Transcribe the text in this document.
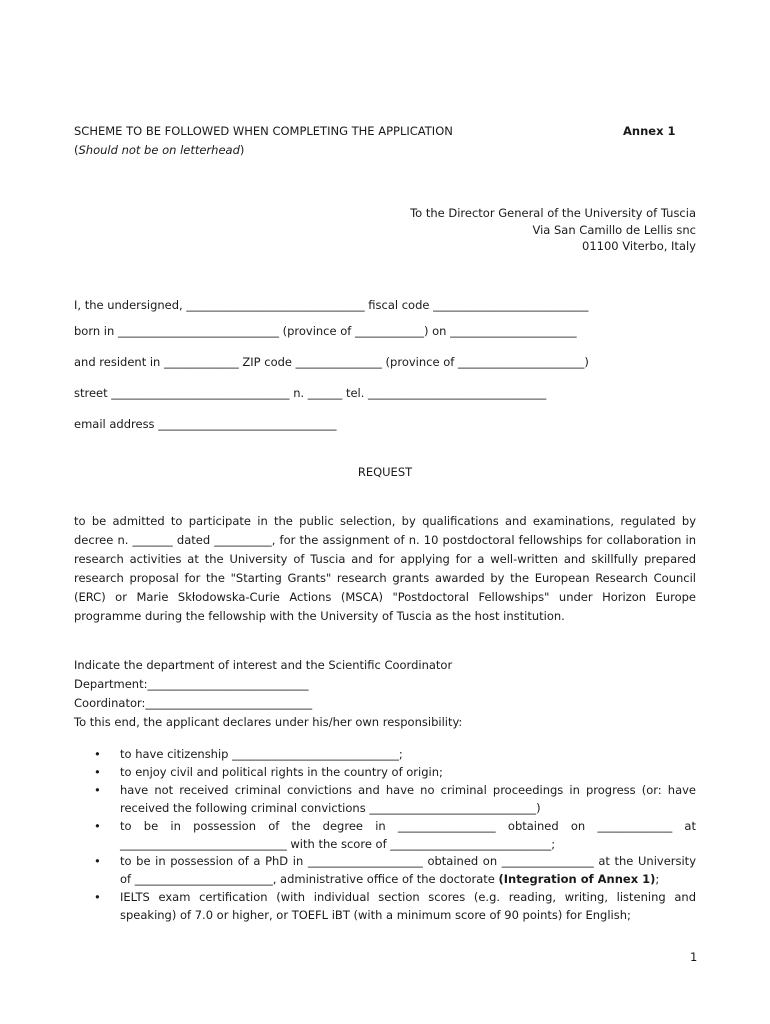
SCHEME TO BE FOLLOWED WHEN COMPLETING THE APPLICATION	Annex 1
(Should not be on letterhead)
To the Director General of the University of Tuscia
Via San Camillo de Lellis snc
01100 Viterbo, Italy
I, the undersigned, _______________________________ fiscal code ___________________________
born in ____________________________ (province of ____________) on ______________________
and resident in _____________ ZIP code _______________ (province of ______________________)
street _______________________________ n. ______ tel. _______________________________
email address _______________________________
REQUEST
to be admitted to participate in the public selection, by qualifications and examinations, regulated by decree n. _______ dated __________, for the assignment of n. 10 postdoctoral fellowships for collaboration in research activities at the University of Tuscia and for applying for a well-written and skillfully prepared research proposal for the "Starting Grants" research grants awarded by the European Research Council (ERC) or Marie Skłodowska-Curie Actions (MSCA) "Postdoctoral Fellowships" under Horizon Europe programme during the fellowship with the University of Tuscia as the host institution.
Indicate the department of interest and the Scientific Coordinator
Department:____________________________
Coordinator:_____________________________
To this end, the applicant declares under his/her own responsibility:
• to have citizenship _____________________________;
• to enjoy civil and political rights in the country of origin;
• have not received criminal convictions and have no criminal proceedings in progress (or: have received the following criminal convictions _____________________________)
• to be in possession of the degree in _________________ obtained on _____________ at _____________________________ with the score of ____________________________;
• to be in possession of a PhD in ____________________ obtained on ________________ at the University of ________________________, administrative office of the doctorate (Integration of Annex 1);
• IELTS exam certification (with individual section scores (e.g. reading, writing, listening and speaking) of 7.0 or higher, or TOEFL iBT (with a minimum score of 90 points) for English;
1
